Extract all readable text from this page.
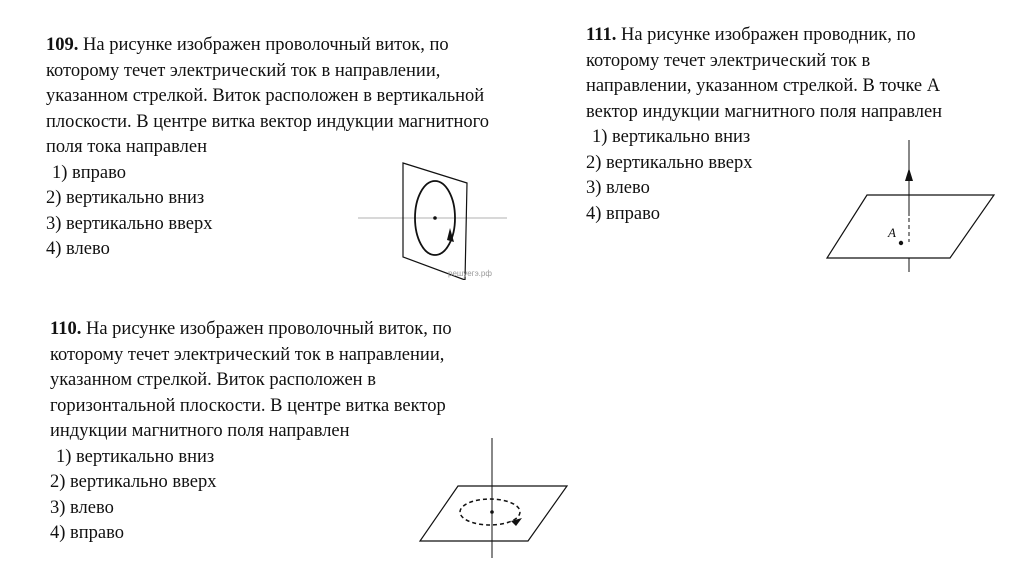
109. На рисунке изображен проволочный виток, по
которому течет электрический ток в направлении,
указанном стрелкой. Виток расположен в вертикальной
плоскости. В центре витка вектор индукции магнитного
поля тока направлен

1) вправо
2) вертикально вниз
3) вертикально вверх
4) влево
решуегэ.рф

110. На рисунке изображен проволочный виток, по
которому течет электрический ток в направлении,
указанном стрелкой. Виток расположен в
горизонтальной плоскости. В центре витка вектор
индукции магнитного поля направлен

1) вертикально вниз
2) вертикально вверх
3) влево
4) вправо

111. На рисунке изображен проводник, по
которому течет электрический ток в
направлении, указанном стрелкой. В точке А
вектор индукции магнитного поля направлен

1) вертикально вниз
2) вертикально вверх
3) влево
4) вправо
A
